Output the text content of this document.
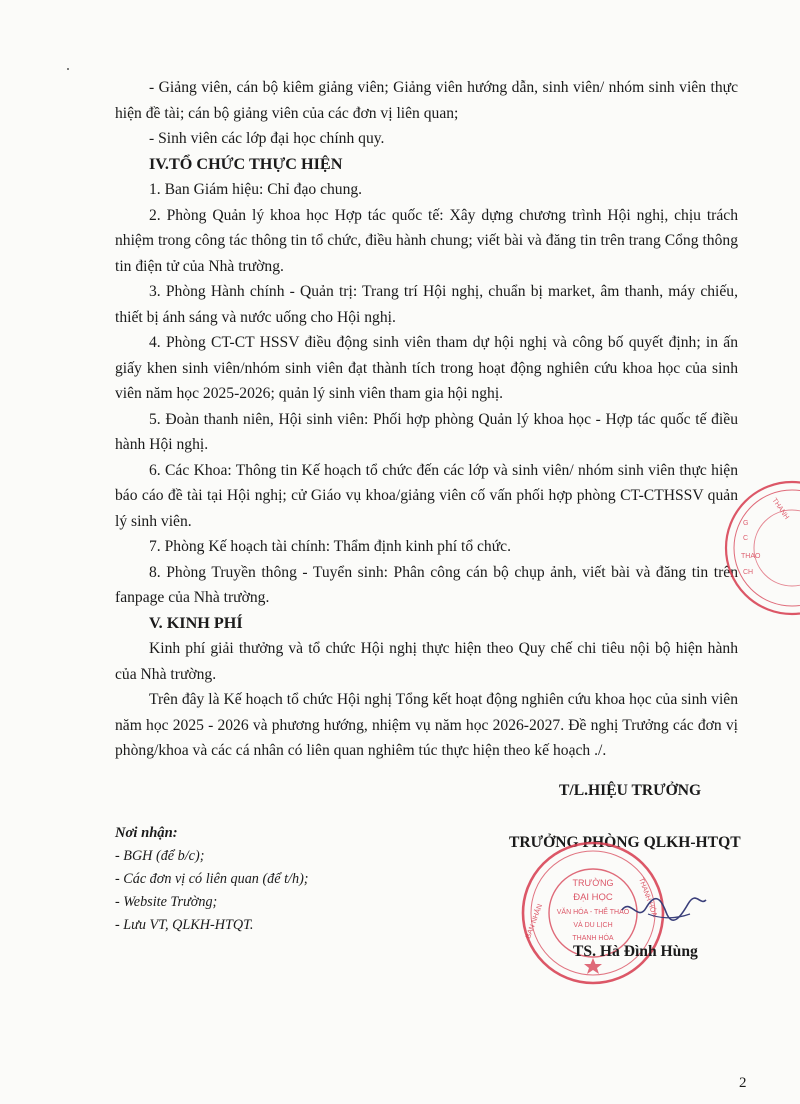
- Giảng viên, cán bộ kiêm giảng viên; Giảng viên hướng dẫn, sinh viên/ nhóm sinh viên thực hiện đề tài; cán bộ giảng viên của các đơn vị liên quan;

- Sinh viên các lớp đại học chính quy.

IV.TỔ CHỨC THỰC HIỆN

1. Ban Giám hiệu: Chỉ đạo chung.

2. Phòng Quản lý khoa học Hợp tác quốc tế: Xây dựng chương trình Hội nghị, chịu trách nhiệm trong công tác thông tin tổ chức, điều hành chung; viết bài và đăng tin trên trang Cổng thông tin điện tử của Nhà trường.

3. Phòng Hành chính - Quản trị: Trang trí Hội nghị, chuẩn bị market, âm thanh, máy chiếu, thiết bị ánh sáng và nước uống cho Hội nghị.

4. Phòng CT-CT HSSV điều động sinh viên tham dự hội nghị và công bố quyết định; in ấn giấy khen sinh viên/nhóm sinh viên đạt thành tích trong hoạt động nghiên cứu khoa học của sinh viên năm học 2025-2026; quản lý sinh viên tham gia hội nghị.

5. Đoàn thanh niên, Hội sinh viên: Phối hợp phòng Quản lý khoa học - Hợp tác quốc tế điều hành Hội nghị.

6. Các Khoa: Thông tin Kế hoạch tổ chức đến các lớp và sinh viên/ nhóm sinh viên thực hiện báo cáo đề tài tại Hội nghị; cử Giáo vụ khoa/giảng viên cố vấn phối hợp phòng CT-CTHSSV quản lý sinh viên.

7. Phòng Kế hoạch tài chính: Thẩm định kinh phí tổ chức.

8. Phòng Truyền thông - Tuyển sinh: Phân công cán bộ chụp ảnh, viết bài và đăng tin trên fanpage của Nhà trường.

V. KINH PHÍ

Kinh phí giải thưởng và tổ chức Hội nghị thực hiện theo Quy chế chi tiêu nội bộ hiện hành của Nhà trường.

Trên đây là Kế hoạch tổ chức Hội nghị Tổng kết hoạt động nghiên cứu khoa học của sinh viên năm học 2025 - 2026 và phương hướng, nhiệm vụ năm học 2026-2027. Đề nghị Trưởng các đơn vị phòng/khoa và các cá nhân có liên quan nghiêm túc thực hiện theo kế hoạch ./.

G
C
THAO
CH
THANH
T/L.HIỆU TRƯỞNG
TRƯỞNG PHÒNG QLKH-HTQT
TRƯỜNG
ĐẠI HỌC
VĂN HÓA - THỂ THAO
VÀ DU LỊCH
THANH HÓA
BAN NHÂN
THANH HÓA
TS. Hà Đình Hùng
Nơi nhận:
- BGH (để b/c);
- Các đơn vị có liên quan (để t/h);
- Website Trường;
- Lưu VT, QLKH-HTQT.
2
